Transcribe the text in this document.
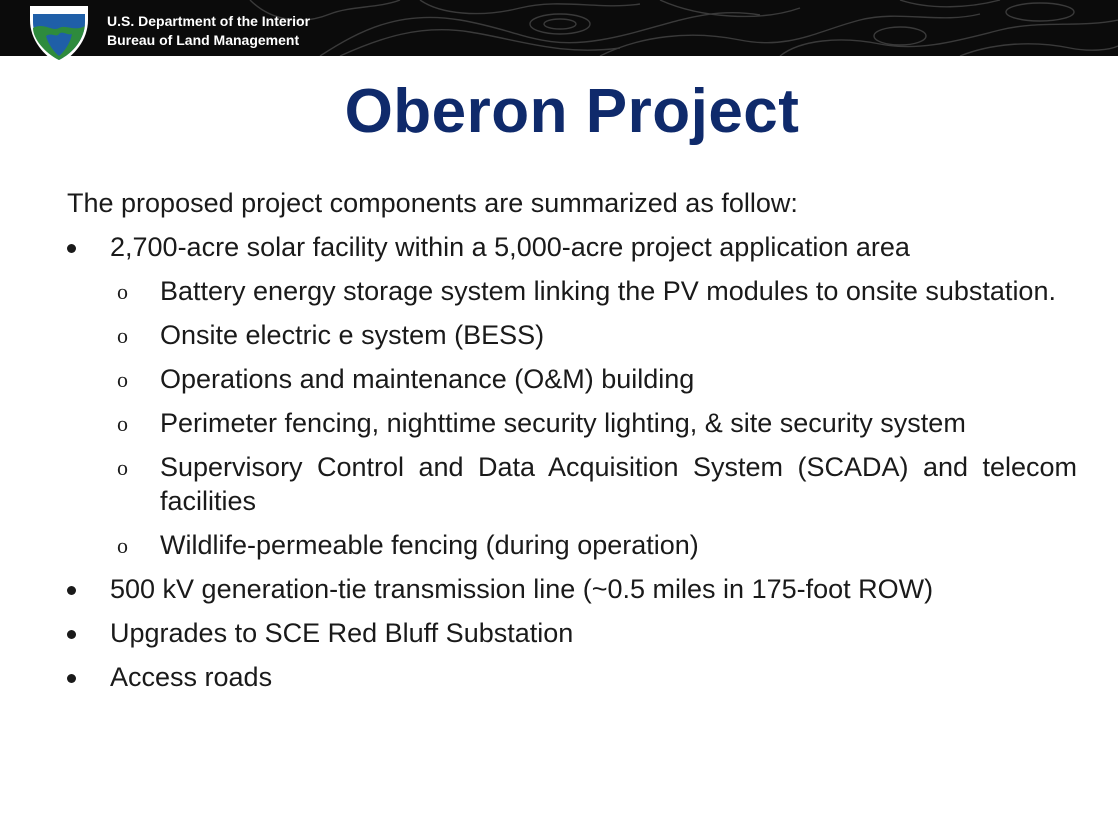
U.S. Department of the Interior
Bureau of Land Management
Oberon Project

The proposed project components are summarized as follow:

2,700-acre solar facility within a 5,000-acre project application area
o Battery energy storage system linking the PV modules to onsite substation.
o Onsite electric e system (BESS)
o Operations and maintenance (O&M) building
o Perimeter fencing, nighttime security lighting, & site security system
o Supervisory Control and Data Acquisition System (SCADA) and telecom facilities
o Wildlife-permeable fencing (during operation)
500 kV generation-tie transmission line (~0.5 miles in 175-foot ROW)
Upgrades to SCE Red Bluff Substation
Access roads
